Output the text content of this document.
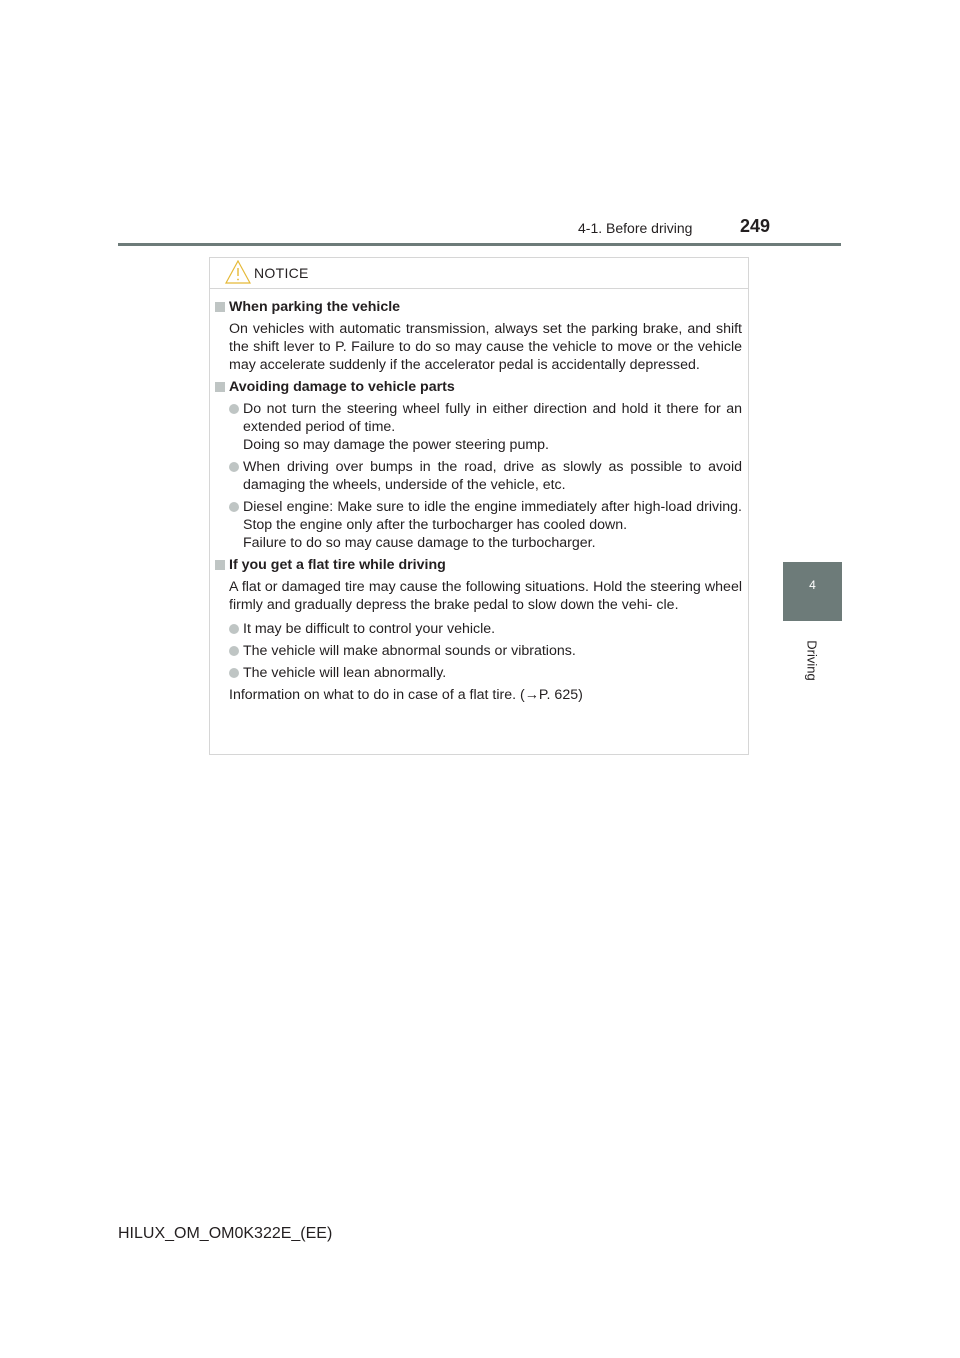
4-1. Before driving	249
4
Driving
NOTICE
When parking the vehicle
On vehicles with automatic transmission, always set the parking brake, and shift the shift lever to P. Failure to do so may cause the vehicle to move or the vehicle may accelerate suddenly if the accelerator pedal is accidentally depressed.
Avoiding damage to vehicle parts
Do not turn the steering wheel fully in either direction and hold it there for an extended period of time.
Doing so may damage the power steering pump.
When driving over bumps in the road, drive as slowly as possible to avoid damaging the wheels, underside of the vehicle, etc.
Diesel engine: Make sure to idle the engine immediately after high-load driving. Stop the engine only after the turbocharger has cooled down.
Failure to do so may cause damage to the turbocharger.
If you get a flat tire while driving
A flat or damaged tire may cause the following situations. Hold the steering wheel firmly and gradually depress the brake pedal to slow down the vehi- cle.
It may be difficult to control your vehicle.
The vehicle will make abnormal sounds or vibrations.
The vehicle will lean abnormally.
Information on what to do in case of a flat tire. (→P. 625)
HILUX_OM_OM0K322E_(EE)
